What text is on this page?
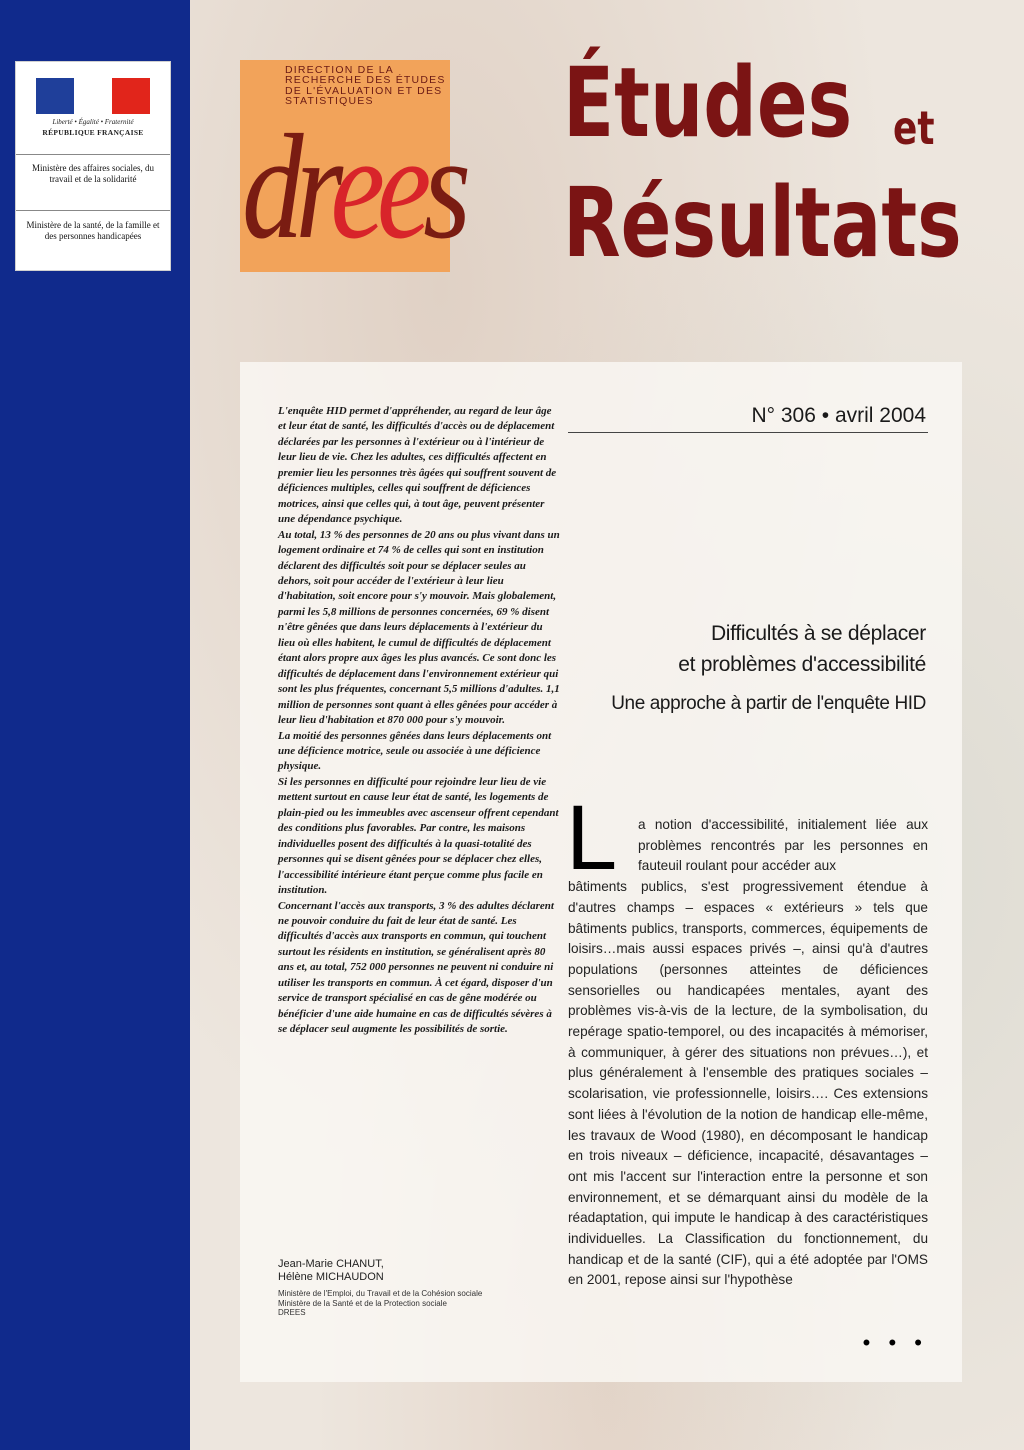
Liberté • Égalité • Fraternité
RÉPUBLIQUE FRANÇAISE
Ministère des affaires sociales, du travail et de la solidarité
Ministère de la santé, de la famille et des personnes handicapées
DIRECTION DE LA RECHERCHE DES ÉTUDES DE L'ÉVALUATION ET DES STATISTIQUES
drees
Études et
Résultats

L'enquête HID permet d'appréhender, au regard de leur âge et leur état de santé, les difficultés d'accès ou de déplacement déclarées par les personnes à l'extérieur ou à l'intérieur de leur lieu de vie. Chez les adultes, ces difficultés affectent en premier lieu les personnes très âgées qui souffrent souvent de déficiences multiples, celles qui souffrent de déficiences motrices, ainsi que celles qui, à tout âge, peuvent présenter une dépendance psychique.

Au total, 13 % des personnes de 20 ans ou plus vivant dans un logement ordinaire et 74 % de celles qui sont en institution déclarent des difficultés soit pour se déplacer seules au dehors, soit pour accéder de l'extérieur à leur lieu d'habitation, soit encore pour s'y mouvoir. Mais globalement, parmi les 5,8 millions de personnes concernées, 69 % disent n'être gênées que dans leurs déplacements à l'extérieur du lieu où elles habitent, le cumul de difficultés de déplacement étant alors propre aux âges les plus avancés. Ce sont donc les difficultés de déplacement dans l'environnement extérieur qui sont les plus fréquentes, concernant 5,5 millions d'adultes. 1,1 million de personnes sont quant à elles gênées pour accéder à leur lieu d'habitation et 870 000 pour s'y mouvoir.

La moitié des personnes gênées dans leurs déplacements ont une déficience motrice, seule ou associée à une déficience physique.

Si les personnes en difficulté pour rejoindre leur lieu de vie mettent surtout en cause leur état de santé, les logements de plain-pied ou les immeubles avec ascenseur offrent cependant des conditions plus favorables. Par contre, les maisons individuelles posent des difficultés à la quasi-totalité des personnes qui se disent gênées pour se déplacer chez elles, l'accessibilité intérieure étant perçue comme plus facile en institution.

Concernant l'accès aux transports, 3 % des adultes déclarent ne pouvoir conduire du fait de leur état de santé. Les difficultés d'accès aux transports en commun, qui touchent surtout les résidents en institution, se généralisent après 80 ans et, au total, 752 000 personnes ne peuvent ni conduire ni utiliser les transports en commun. À cet égard, disposer d'un service de transport spécialisé en cas de gêne modérée ou bénéficier d'une aide humaine en cas de difficultés sévères à se déplacer seul augmente les possibilités de sortie.

Jean-Marie CHANUT,
Hélène MICHAUDON
Ministère de l'Emploi, du Travail et de la Cohésion sociale
Ministère de la Santé et de la Protection sociale
DREES
N° 306 • avril 2004
Difficultés à se déplacer
et problèmes d'accessibilité
Une approche à partir de l'enquête HID
L a notion d'accessibilité, initialement liée aux problèmes rencontrés par les personnes en fauteuil roulant pour accéder aux
bâtiments publics, s'est progressivement étendue à d'autres champs – espaces « extérieurs » tels que bâtiments publics, transports, commerces, équipements de loisirs…mais aussi espaces privés –, ainsi qu'à d'autres populations (personnes atteintes de déficiences sensorielles ou handicapées mentales, ayant des problèmes vis-à-vis de la lecture, de la symbolisation, du repérage spatio-temporel, ou des incapacités à mémoriser, à communiquer, à gérer des situations non prévues…), et plus généralement à l'ensemble des pratiques sociales – scolarisation, vie professionnelle, loisirs…. Ces extensions sont liées à l'évolution de la notion de handicap elle-même, les travaux de Wood (1980), en décomposant le handicap en trois niveaux – déficience, incapacité, désavantages – ont mis l'accent sur l'interaction entre la personne et son environnement, et se démarquant ainsi du modèle de la réadaptation, qui impute le handicap à des caractéristiques individuelles. La Classification du fonctionnement, du handicap et de la santé (CIF), qui a été adoptée par l'OMS en 2001, repose ainsi sur l'hypothèse

• • •
